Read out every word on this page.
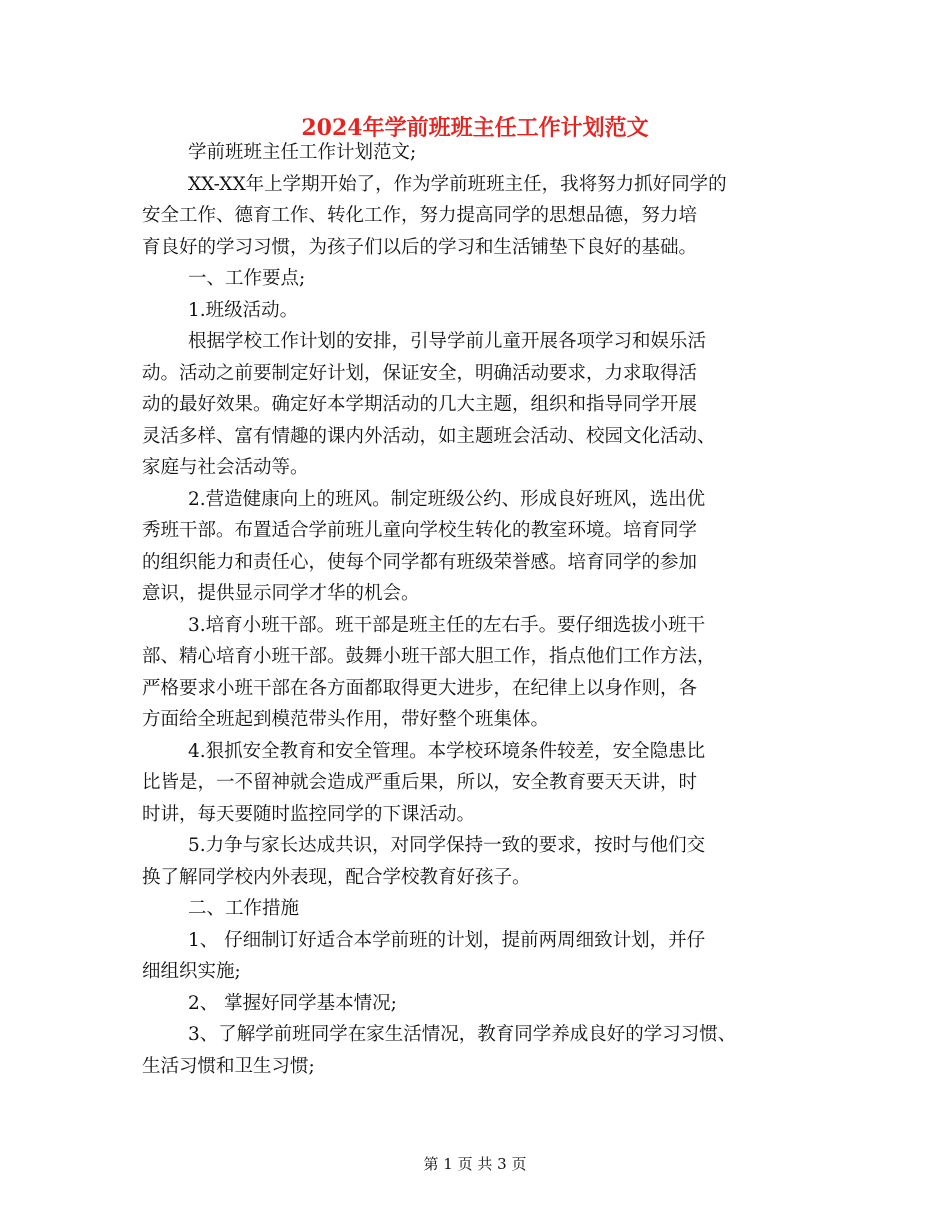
2024年学前班班主任工作计划范文
学前班班主任工作计划范文;
XX-XX年上学期开始了，作为学前班班主任，我将努力抓好同学的
安全工作、德育工作、转化工作，努力提高同学的思想品德，努力培
育良好的学习习惯，为孩子们以后的学习和生活铺垫下良好的基础。
一、工作要点;
1.班级活动。
根据学校工作计划的安排，引导学前儿童开展各项学习和娱乐活
动。活动之前要制定好计划，保证安全，明确活动要求，力求取得活
动的最好效果。确定好本学期活动的几大主题，组织和指导同学开展
灵活多样、富有情趣的课内外活动，如主题班会活动、校园文化活动、
家庭与社会活动等。
2.营造健康向上的班风。制定班级公约、形成良好班风，选出优
秀班干部。布置适合学前班儿童向学校生转化的教室环境。培育同学
的组织能力和责任心，使每个同学都有班级荣誉感。培育同学的参加
意识，提供显示同学才华的机会。
3.培育小班干部。班干部是班主任的左右手。要仔细选拔小班干
部、精心培育小班干部。鼓舞小班干部大胆工作，指点他们工作方法，
严格要求小班干部在各方面都取得更大进步，在纪律上以身作则，各
方面给全班起到模范带头作用，带好整个班集体。
4.狠抓安全教育和安全管理。本学校环境条件较差，安全隐患比
比皆是，一不留神就会造成严重后果，所以，安全教育要天天讲，时
时讲，每天要随时监控同学的下课活动。
5.力争与家长达成共识，对同学保持一致的要求，按时与他们交
换了解同学校内外表现，配合学校教育好孩子。
二、工作措施
1、 仔细制订好适合本学前班的计划，提前两周细致计划，并仔
细组织实施;
2、 掌握好同学基本情况;
3、了解学前班同学在家生活情况，教育同学养成良好的学习习惯、
生活习惯和卫生习惯;
第 1 页 共 3 页
